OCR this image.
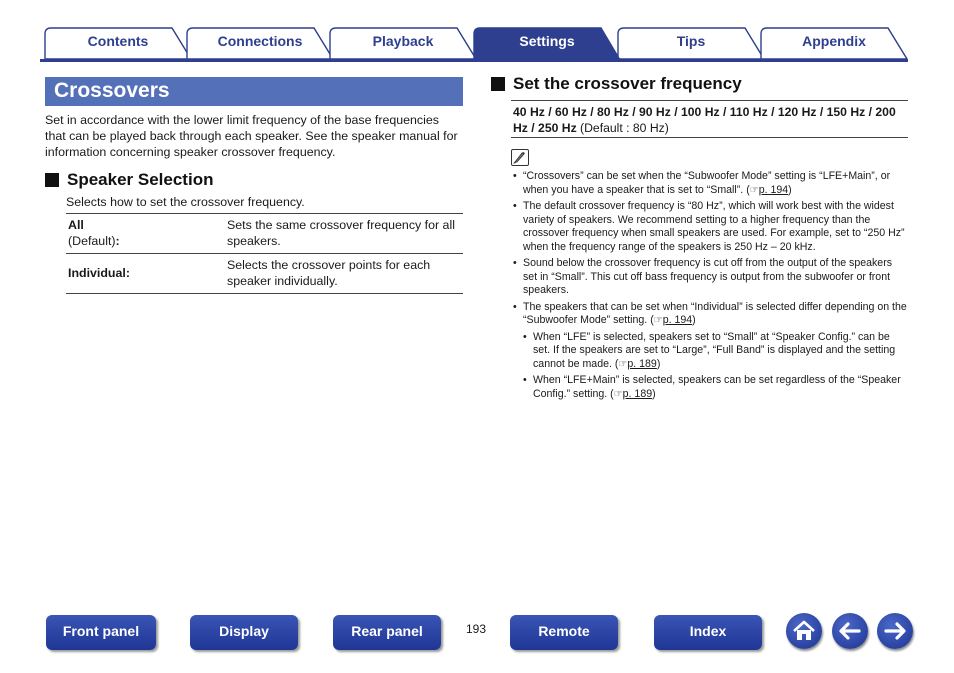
Contents	Connections	Playback	Tips	Appendix
Settings
Crossovers

Set in accordance with the lower limit frequency of the base frequencies that can be played back through each speaker. See the speaker manual for information concerning speaker crossover frequency.

Speaker Selection

Selects how to set the crossover frequency.

All
(Default):	Sets the same crossover frequency for all speakers.
Individual:	Selects the crossover points for each speaker individually.
Set the crossover frequency
40 Hz / 60 Hz / 80 Hz / 90 Hz / 100 Hz / 110 Hz / 120 Hz / 150 Hz / 200 Hz / 250 Hz (Default : 80 Hz)
• “Crossovers” can be set when the “Subwoofer Mode” setting is “LFE+Main”, or when you have a speaker that is set to “Small”. (☞p. 194)
• The default crossover frequency is “80 Hz”, which will work best with the widest variety of speakers. We recommend setting to a higher frequency than the crossover frequency when small speakers are used. For example, set to “250 Hz” when the frequency range of the speakers is 250 Hz – 20 kHz.
• Sound below the crossover frequency is cut off from the output of the speakers set in “Small”. This cut off bass frequency is output from the subwoofer or front speakers.
• The speakers that can be set when “Individual” is selected differ depending on the “Subwoofer Mode” setting. (☞p. 194)
• When “LFE” is selected, speakers set to “Small” at “Speaker Config.” can be set. If the speakers are set to “Large”, “Full Band” is displayed and the setting cannot be made. (☞p. 189)
• When “LFE+Main” is selected, speakers can be set regardless of the “Speaker Config.” setting. (☞p. 189)
Front panel	Display	Rear panel	193	Remote	Index
